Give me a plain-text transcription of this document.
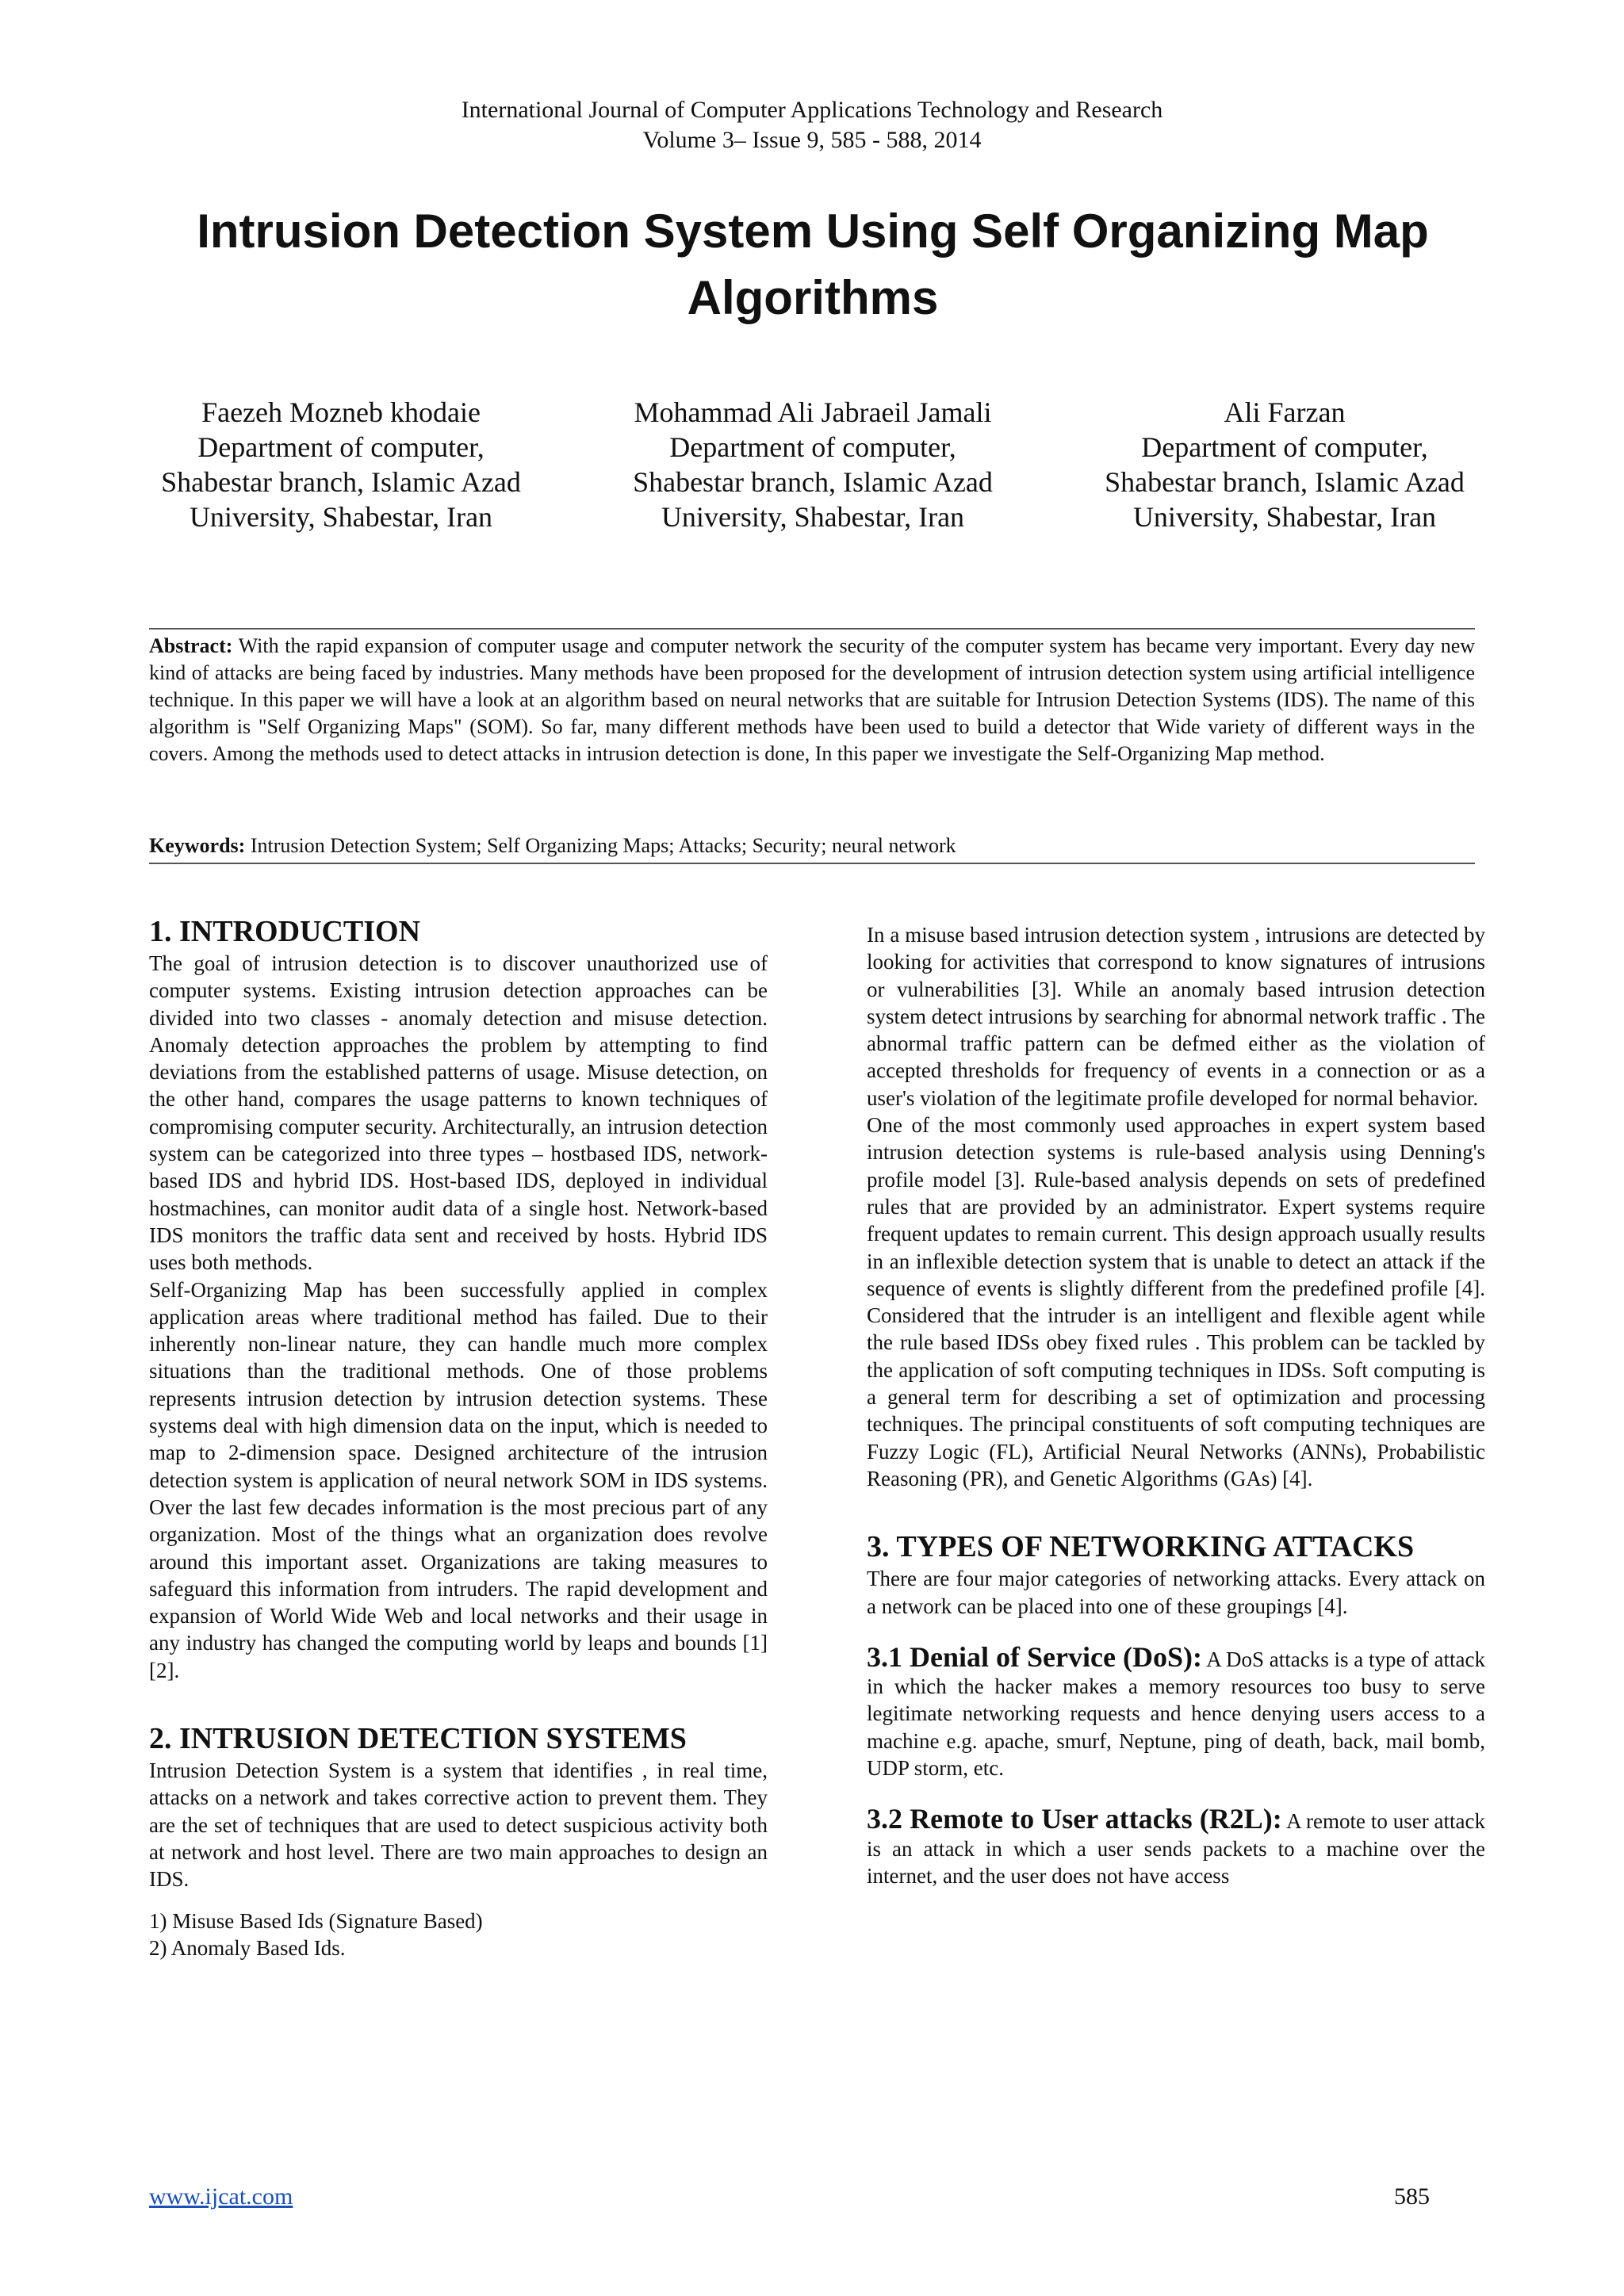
International Journal of Computer Applications Technology and Research
Volume 3– Issue 9, 585 - 588, 2014
Intrusion Detection System Using Self Organizing Map Algorithms
Faezeh Mozneb khodaie
Department of computer,
Shabestar branch, Islamic Azad
University, Shabestar, Iran
Mohammad Ali Jabraeil Jamali
Department of computer,
Shabestar branch, Islamic Azad
University, Shabestar, Iran
Ali Farzan
Department of computer,
Shabestar branch, Islamic Azad
University, Shabestar, Iran
Abstract: With the rapid expansion of computer usage and computer network the security of the computer system has became very important. Every day new kind of attacks are being faced by industries. Many methods have been proposed for the development of intrusion detection system using artificial intelligence technique. In this paper we will have a look at an algorithm based on neural networks that are suitable for Intrusion Detection Systems (IDS). The name of this algorithm is "Self Organizing Maps" (SOM). So far, many different methods have been used to build a detector that Wide variety of different ways in the covers. Among the methods used to detect attacks in intrusion detection is done, In this paper we investigate the Self-Organizing Map method.
Keywords: Intrusion Detection System; Self Organizing Maps; Attacks; Security; neural network
1. INTRODUCTION

The goal of intrusion detection is to discover unauthorized use of computer systems. Existing intrusion detection approaches can be divided into two classes - anomaly detection and misuse detection. Anomaly detection approaches the problem by attempting to find deviations from the established patterns of usage. Misuse detection, on the other hand, compares the usage patterns to known techniques of compromising computer security. Architecturally, an intrusion detection system can be categorized into three types – hostbased IDS, network-based IDS and hybrid IDS. Host-based IDS, deployed in individual hostmachines, can monitor audit data of a single host. Network-based IDS monitors the traffic data sent and received by hosts. Hybrid IDS uses both methods.

Self-Organizing Map has been successfully applied in complex application areas where traditional method has failed. Due to their inherently non-linear nature, they can handle much more complex situations than the traditional methods. One of those problems represents intrusion detection by intrusion detection systems. These systems deal with high dimension data on the input, which is needed to map to 2-dimension space. Designed architecture of the intrusion detection system is application of neural network SOM in IDS systems. Over the last few decades information is the most precious part of any organization. Most of the things what an organization does revolve around this important asset. Organizations are taking measures to safeguard this information from intruders. The rapid development and expansion of World Wide Web and local networks and their usage in any industry has changed the computing world by leaps and bounds [1][2].

2. INTRUSION DETECTION SYSTEMS

Intrusion Detection System is a system that identifies , in real time, attacks on a network and takes corrective action to prevent them. They are the set of techniques that are used to detect suspicious activity both at network and host level. There are two main approaches to design an IDS.

1) Misuse Based Ids (Signature Based)

2) Anomaly Based Ids.

In a misuse based intrusion detection system , intrusions are detected by looking for activities that correspond to know signatures of intrusions or vulnerabilities [3]. While an anomaly based intrusion detection system detect intrusions by searching for abnormal network traffic . The abnormal traffic pattern can be defmed either as the violation of accepted thresholds for frequency of events in a connection or as a user's violation of the legitimate profile developed for normal behavior.

One of the most commonly used approaches in expert system based intrusion detection systems is rule-based analysis using Denning's profile model [3]. Rule-based analysis depends on sets of predefined rules that are provided by an administrator. Expert systems require frequent updates to remain current. This design approach usually results in an inflexible detection system that is unable to detect an attack if the sequence of events is slightly different from the predefined profile [4]. Considered that the intruder is an intelligent and flexible agent while the rule based IDSs obey fixed rules . This problem can be tackled by the application of soft computing techniques in IDSs. Soft computing is a general term for describing a set of optimization and processing techniques. The principal constituents of soft computing techniques are Fuzzy Logic (FL), Artificial Neural Networks (ANNs), Probabilistic Reasoning (PR), and Genetic Algorithms (GAs) [4].

3. TYPES OF NETWORKING ATTACKS

There are four major categories of networking attacks. Every attack on a network can be placed into one of these groupings [4].

3.1 Denial of Service (DoS): A DoS attacks is a type of attack in which the hacker makes a memory resources too busy to serve legitimate networking requests and hence denying users access to a machine e.g. apache, smurf, Neptune, ping of death, back, mail bomb, UDP storm, etc.

3.2 Remote to User attacks (R2L): A remote to user attack is an attack in which a user sends packets to a machine over the internet, and the user does not have access

www.ijcat.com	585
